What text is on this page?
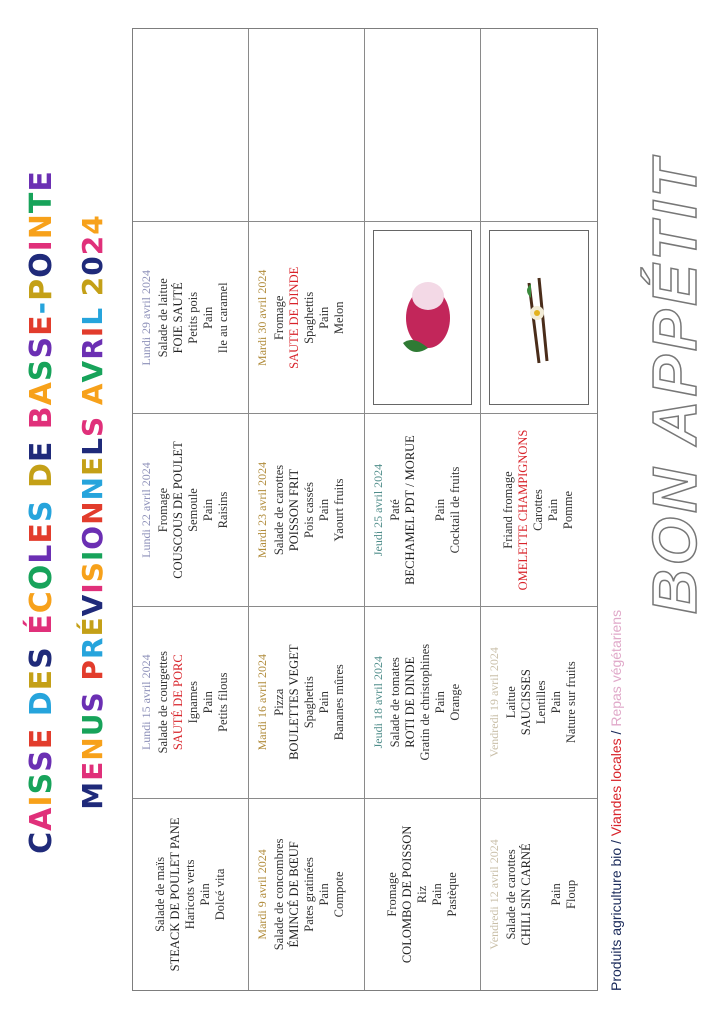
CAISSE DES ÉCOLES DE BASSE-POINTE
MENUS PRÉVISIONNELS AVRIL 2024
Salade de maïs STEACK DE POULET PANE Haricots verts Pain Dolcé vita
Lundi 15 avril 2024 Salade de courgettes SAUTÉ DE PORC Ignames Pain Petits filous
Lundi 22 avril 2024 Fromage COUSCOUS DE POULET Semoule Pain Raisins
Lundi 29 avril 2024 Salade de laitue FOIE SAUTÉ Petits pois Pain Ile au caramel
Mardi 9 avril 2024 Salade de concombres ÉMINCÉ DE BŒUF Pates gratinées Pain Compote
Mardi 16 avril 2024 Pizza BOULETTES VEGET Spaghettis Pain Bananes mûres
Mardi 23 avril 2024 Salade de carottes POISSON FRIT Pois cassés Pain Yaourt fruits
Mardi 30 avril 2024 Fromage SAUTE DE DINDE Spaghettis Pain Melon
Fromage COLOMBO DE POISSON Riz Pain Pastèque
Jeudi 18 avril 2024 Salade de tomates ROTI DE DINDE Gratin de christophines Pain Orange
Jeudi 25 avril 2024 Paté BECHAMEL PDT / MORUE
Pain Cocktail de fruits
Vendredi 12 avril 2024 Salade de carottes CHILI SIN CARNÉ
Pain Floup
Vendredi 19 avril 2024 Laitue SAUCISSES Lentilles Pain Nature sur fruits
Friand fromage OMELETTE CHAMPIGNONS Carottes Pain Pomme
Produits agriculture bio / Viandes locales / Repas végétariens
BON APPÉTIT
